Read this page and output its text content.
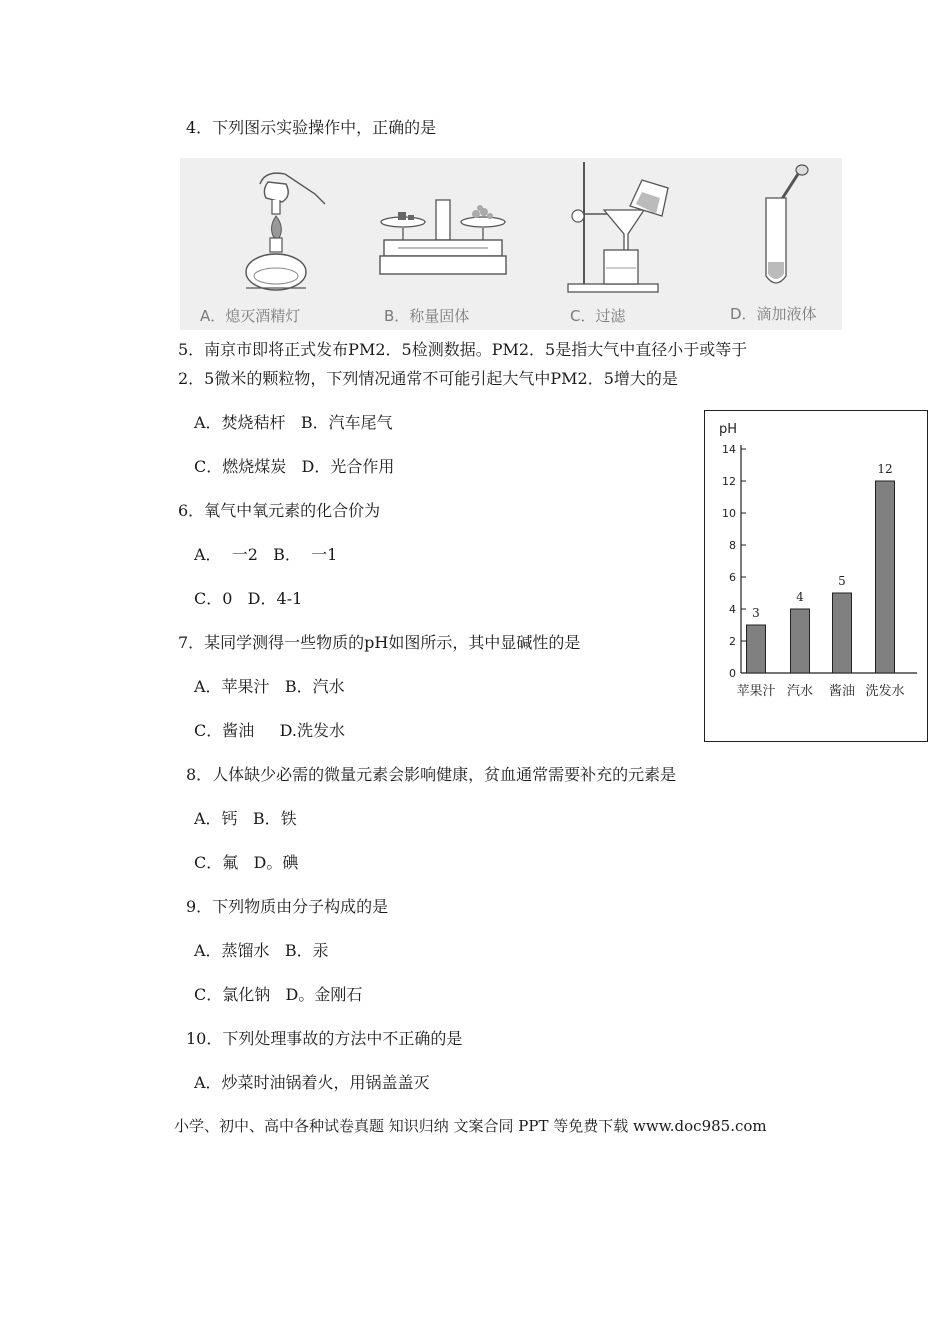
4．下列图示实验操作中，正确的是
A．熄灭酒精灯	B．称量固体	C．过滤	D．滴加液体
5．南京市即将正式发布PM2．5检测数据。PM2．5是指大气中直径小于或等于
2．5微米的颗粒物，下列情况通常不可能引起大气中PM2．5增大的是
A．焚烧秸杆   B．汽车尾气
C．燃烧煤炭   D．光合作用
6．氧气中氧元素的化合价为
A．  一2   B．  一1
C．0   D．4-1
7．某同学测得一些物质的pH如图所示，其中显碱性的是
A．苹果汁   B．汽水
C．酱油     D.洗发水
pH
0
2
4
6
8
10
12
14
3
苹果汁
4
汽水
5
酱油
12
洗发水
8．人体缺少必需的微量元素会影响健康，贫血通常需要补充的元素是
A．钙   B．铁
C．氟   D。碘
9．下列物质由分子构成的是
A．蒸馏水   B．汞
C．氯化钠   D。金刚石
10．下列处理事故的方法中不正确的是
A．炒菜时油锅着火，用锅盖盖灭
小学、初中、高中各种试卷真题 知识归纳 文案合同 PPT 等免费下载 www.doc985.com
